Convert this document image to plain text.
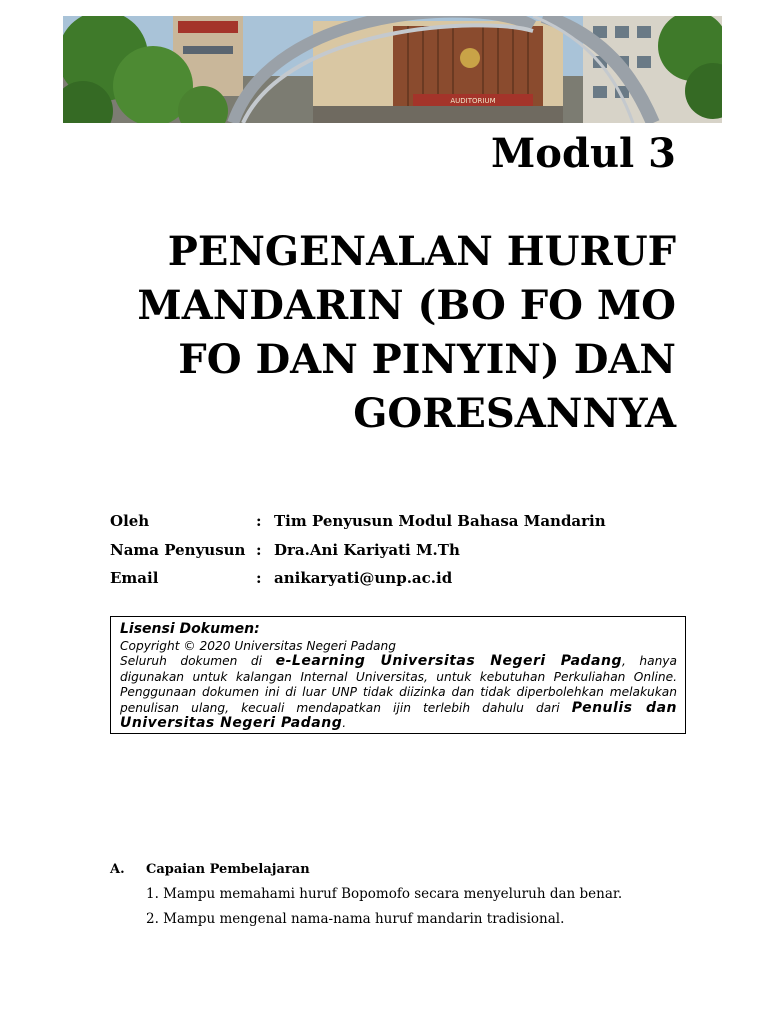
AUDITORIUM
Modul 3
PENGENALAN HURUF
MANDARIN (BO FO MO
FO DAN PINYIN) DAN
GORESANNYA
Oleh	: Tim Penyusun Modul Bahasa Mandarin
Nama Penyusun : Dra.Ani Kariyati M.Th
Email	: anikaryati@unp.ac.id
Lisensi Dokumen:
Copyright © 2020 Universitas Negeri Padang
Seluruh dokumen di e-Learning Universitas Negeri Padang, hanya digunakan untuk kalangan Internal Universitas, untuk kebutuhan Perkuliahan Online. Penggunaan dokumen ini di luar UNP tidak diizinka dan tidak diperbolehkan melakukan penulisan ulang, kecuali mendapatkan ijin terlebih dahulu dari Penulis dan Universitas Negeri Padang.
A.	Capaian Pembelajaran
1. Mampu memahami huruf Bopomofo secara menyeluruh dan benar.
2. Mampu mengenal nama-nama huruf mandarin tradisional.
